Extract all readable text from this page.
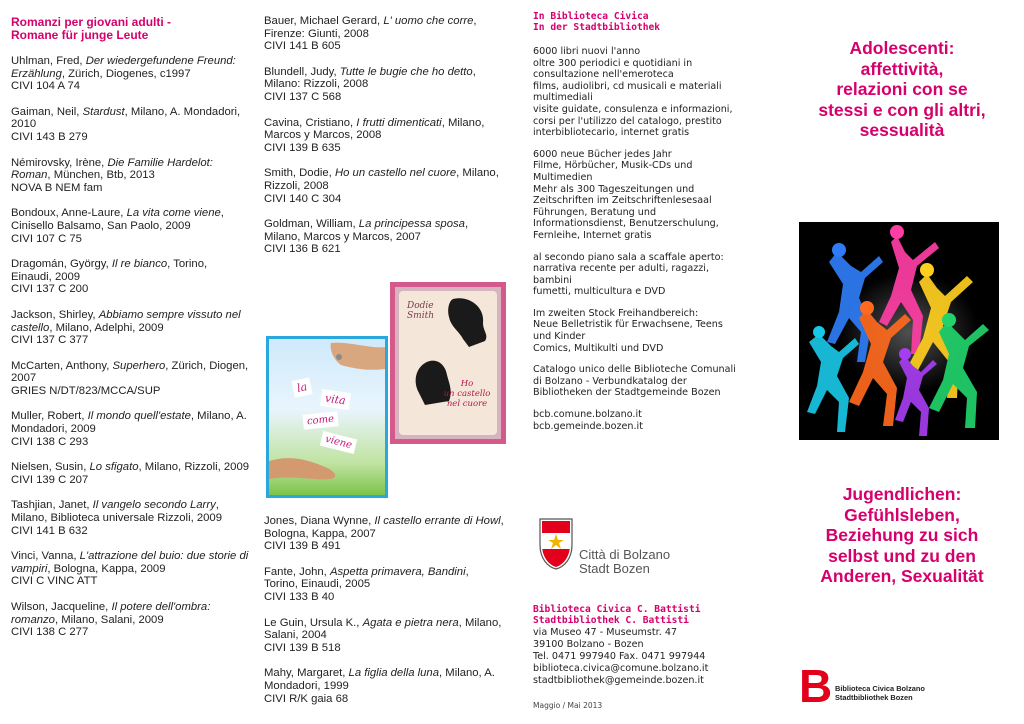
Romanzi per giovani adulti -
Romane für junge Leute
Uhlman, Fred, Der wiedergefundene Freund: Erzählung, Zürich, Diogenes, c1997
CIVI 104 A 74
Gaiman, Neil, Stardust, Milano, A. Mondadori, 2010
CIVI 143 B 279
Némirovsky, Irène, Die Familie Hardelot: Roman, München, Btb, 2013
NOVA B NEM fam
Bondoux, Anne-Laure, La vita come viene, Cinisello Balsamo, San Paolo, 2009
CIVI 107 C 75
Dragomán, György, Il re bianco, Torino, Einaudi, 2009
CIVI 137 C 200
Jackson, Shirley, Abbiamo sempre vissuto nel castello, Milano, Adelphi, 2009
CIVI 137 C 377
McCarten, Anthony, Superhero, Zürich, Diogen, 2007
GRIES N/DT/823/MCCA/SUP
Muller, Robert, Il mondo quell'estate, Milano, A. Mondadori, 2009
CIVI 138 C 293
Nielsen, Susin, Lo sfigato, Milano, Rizzoli, 2009
CIVI 139 C 207
Tashjian, Janet, Il vangelo secondo Larry, Milano, Biblioteca universale Rizzoli, 2009
CIVI 141 B 632
Vinci, Vanna, L'attrazione del buio: due storie di vampiri, Bologna, Kappa, 2009
CIVI C VINC ATT
Wilson, Jacqueline, Il potere dell'ombra: romanzo, Milano, Salani, 2009
CIVI 138 C 277
Bauer, Michael Gerard, L' uomo che corre, Firenze: Giunti, 2008
CIVI 141 B 605
Blundell, Judy, Tutte le bugie che ho detto, Milano: Rizzoli, 2008
CIVI 137 C 568
Cavina, Cristiano, I frutti dimenticati, Milano, Marcos y Marcos, 2008
CIVI 139 B 635
Smith, Dodie, Ho un castello nel cuore, Milano, Rizzoli, 2008
CIVI 140 C 304
Goldman, William, La principessa sposa, Milano, Marcos y Marcos, 2007
CIVI 136 B 621
la
vita
come
viene
Dodie
Smith
Ho
un castello
nel cuore
Jones, Diana Wynne, Il castello errante di Howl, Bologna, Kappa, 2007
CIVI 139 B 491
Fante, John, Aspetta primavera, Bandini, Torino, Einaudi, 2005
CIVI 133 B 40
Le Guin, Ursula K., Agata e pietra nera, Milano, Salani, 2004
CIVI 139 B 518
Mahy, Margaret, La figlia della luna, Milano, A. Mondadori, 1999
CIVI R/K gaia 68
In Biblioteca Civica
In der Stadtbibliothek
6000 libri nuovi l'anno
oltre 300 periodici e quotidiani in
consultazione nell'emeroteca
films, audiolibri, cd musicali e materiali
multimediali
visite guidate, consulenza e informazioni,
corsi per l'utilizzo del catalogo, prestito
interbibliotecario, internet gratis
6000 neue Bücher jedes Jahr
Filme, Hörbücher, Musik-CDs und
Multimedien
Mehr als 300 Tageszeitungen und
Zeitschriften im Zeitschriftenlesesaal
Führungen, Beratung und
Informationsdienst, Benutzerschulung,
Fernleihe, Internet gratis
al secondo piano sala a scaffale aperto:
narrativa recente per adulti, ragazzi,
bambini
fumetti, multicultura e DVD
Im zweiten Stock Freihandbereich:
Neue Belletristik für Erwachsene, Teens
und Kinder
Comics, Multikulti und DVD
Catalogo unico delle Biblioteche Comunali
di Bolzano - Verbundkatalog der
Bibliotheken der Stadtgemeinde Bozen
bcb.comune.bolzano.it
bcb.gemeinde.bozen.it
Città di Bolzano
Stadt Bozen
Biblioteca Civica C. Battisti
Stadtbibliothek C. Battisti
via Museo 47 - Museumstr. 47
39100 Bolzano - Bozen
Tel. 0471 997940 Fax. 0471 997944
biblioteca.civica@comune.bolzano.it
stadtbibliothek@gemeinde.bozen.it
Maggio / Mai 2013
Adolescenti:
affettività,
relazioni con se
stessi e con gli altri,
sessualità
Jugendlichen:
Gefühlsleben,
Beziehung zu sich
selbst und zu den
Anderen, Sexualität
B Biblioteca Civica Bolzano
Stadtbibliothek Bozen
